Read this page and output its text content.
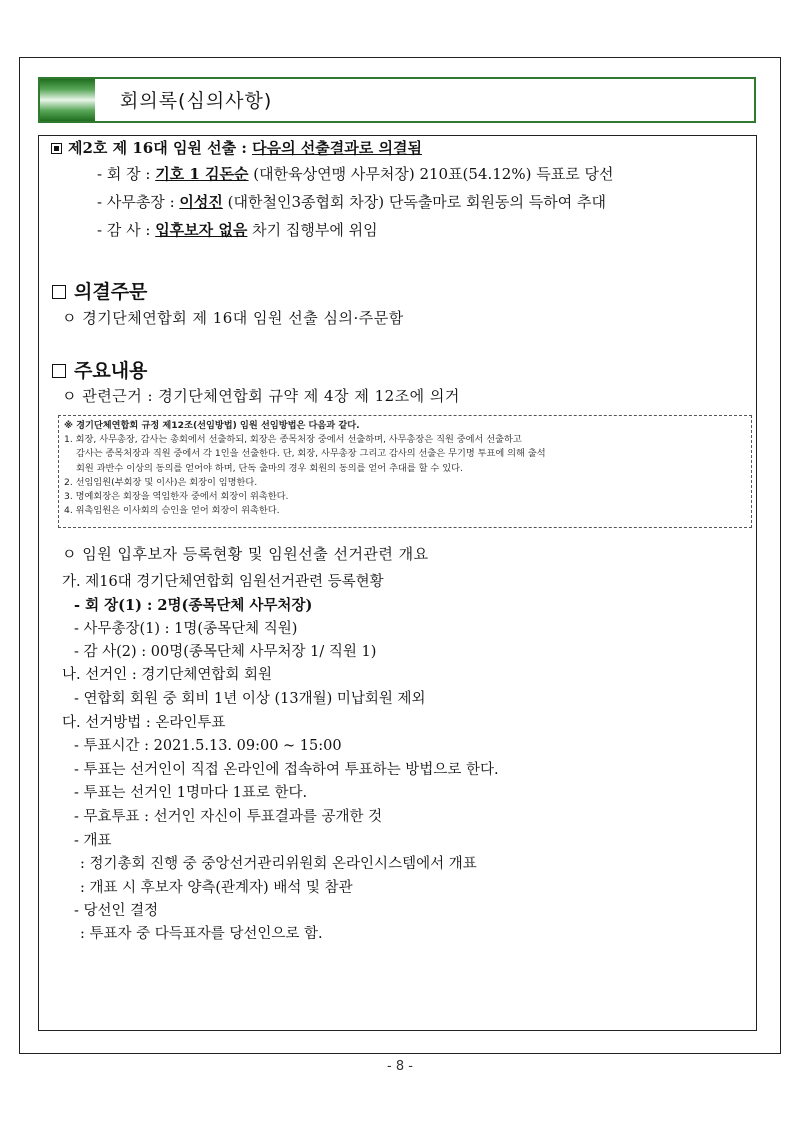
회의록(심의사항)
제2호 제 16대 임원 선출 : 다음의 선출결과로 의결됨
- 회 장 : 기호 1 김돈순 (대한육상연맹 사무처장) 210표(54.12%) 득표로 당선
- 사무총장 : 이성진 (대한철인3종협회 차장) 단독출마로 회원동의 득하여 추대
- 감 사 : 입후보자 없음 차기 집행부에 위임
의결주문
ㅇ 경기단체연합회 제 16대 임원 선출 심의·주문함
주요내용
ㅇ 관련근거 : 경기단체연합회 규약 제 4장 제 12조에 의거
※ 경기단체연합회 규정 제12조(선임방법) 임원 선임방법은 다음과 같다.
1. 회장, 사무총장, 감사는 총회에서 선출하되, 회장은 종목처장 중에서 선출하며, 사무총장은 직원 중에서 선출하고
감사는 종목처장과 직원 중에서 각 1인을 선출한다. 단, 회장, 사무총장 그리고 감사의 선출은 무기명 투표에 의해 출석
회원 과반수 이상의 동의를 얻어야 하며, 단독 출마의 경우 회원의 동의를 얻어 추대를 할 수 있다.
2. 선임임원(부회장 및 이사)은 회장이 임명한다.
3. 명예회장은 회장을 역임한자 중에서 회장이 위촉한다.
4. 위촉임원은 이사회의 승인을 얻어 회장이 위촉한다.
ㅇ 임원 입후보자 등록현황 및 임원선출 선거관련 개요
가. 제16대 경기단체연합회 임원선거관련 등록현황
- 회 장(1) : 2명(종목단체 사무처장)
- 사무총장(1) : 1명(종목단체 직원)
- 감 사(2) : 00명(종목단체 사무처장 1/ 직원 1)
나. 선거인 : 경기단체연합회 회원
- 연합회 회원 중 회비 1년 이상 (13개월) 미납회원 제외
다. 선거방법 : 온라인투표
- 투표시간 : 2021.5.13. 09:00 ~ 15:00
- 투표는 선거인이 직접 온라인에 접속하여 투표하는 방법으로 한다.
- 투표는 선거인 1명마다 1표로 한다.
- 무효투표 : 선거인 자신이 투표결과를 공개한 것
- 개표
: 정기총회 진행 중 중앙선거관리위원회 온라인시스템에서 개표
: 개표 시 후보자 양측(관계자) 배석 및 참관
- 당선인 결정
: 투표자 중 다득표자를 당선인으로 함.
- 8 -
